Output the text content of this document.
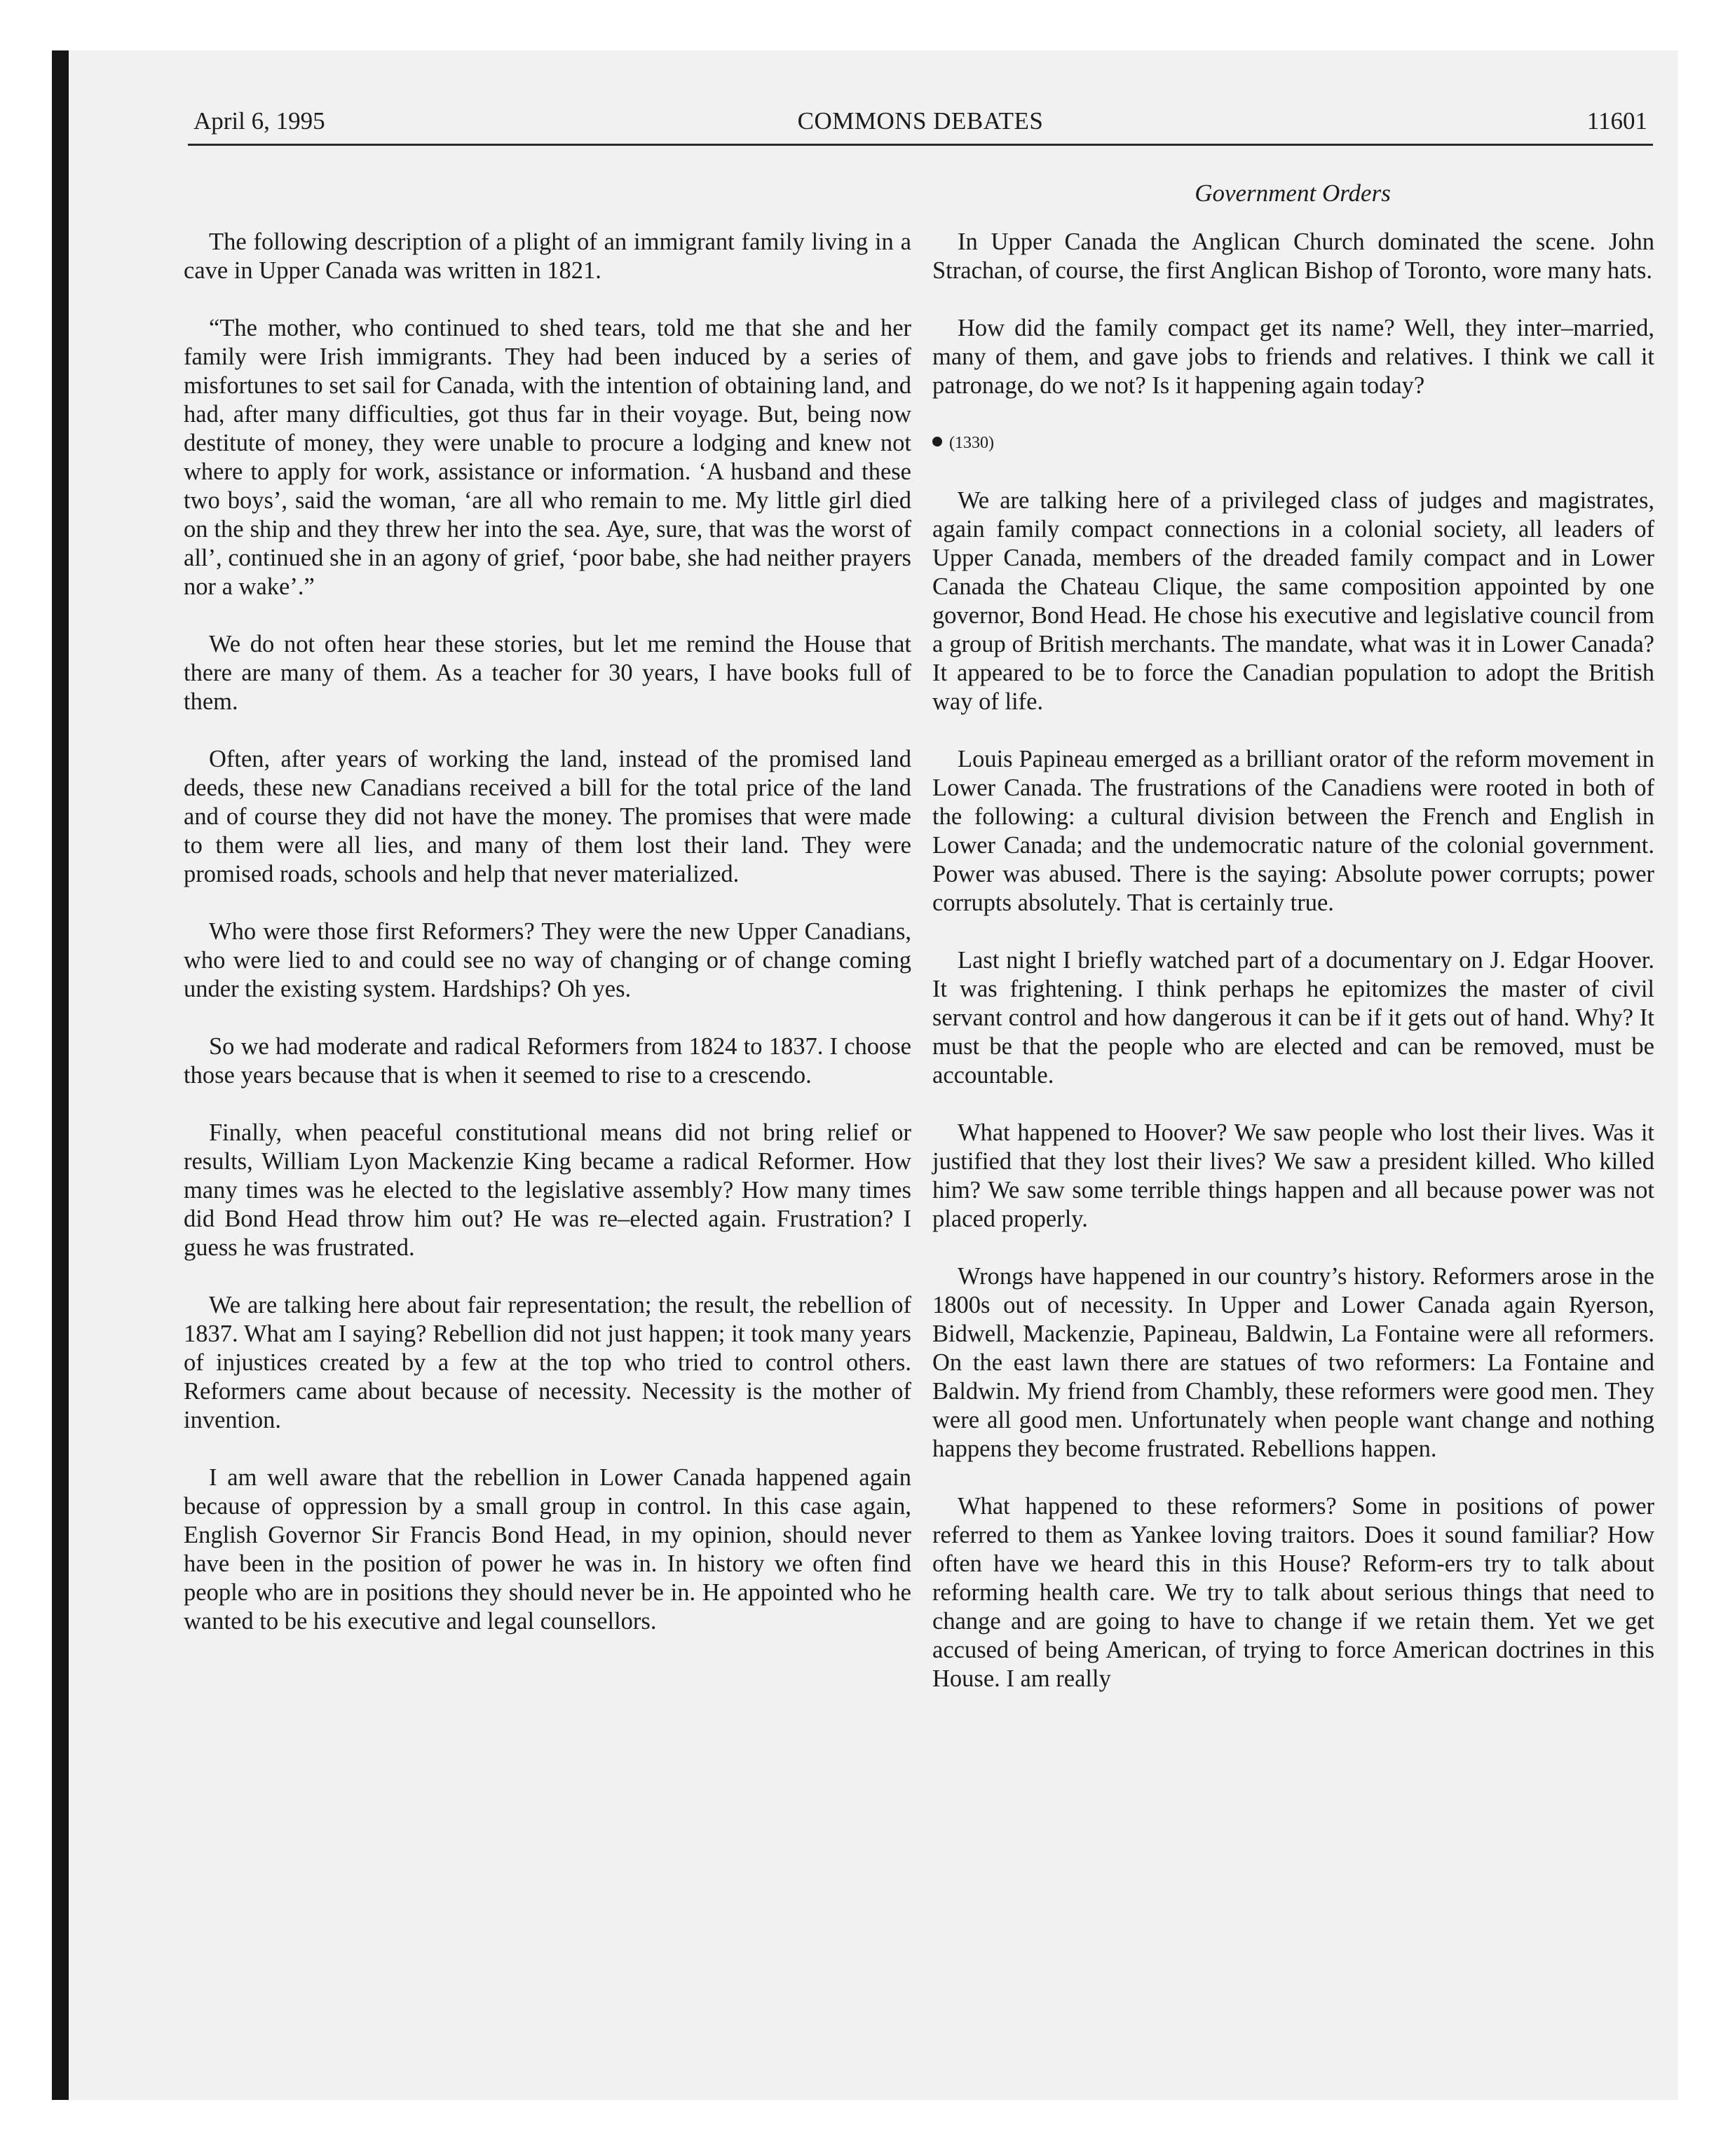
April 6, 1995	COMMONS DEBATES	11601
Government Orders

The following description of a plight of an immigrant family living in a cave in Upper Canada was written in 1821.

“The mother, who continued to shed tears, told me that she and her family were Irish immigrants. They had been induced by a series of misfortunes to set sail for Canada, with the intention of obtaining land, and had, after many difficulties, got thus far in their voyage. But, being now destitute of money, they were unable to procure a lodging and knew not where to apply for work, assistance or information. ‘A husband and these two boys’, said the woman, ‘are all who remain to me. My little girl died on the ship and they threw her into the sea. Aye, sure, that was the worst of all’, continued she in an agony of grief, ‘poor babe, she had neither prayers nor a wake’.”

We do not often hear these stories, but let me remind the House that there are many of them. As a teacher for 30 years, I have books full of them.

Often, after years of working the land, instead of the promised land deeds, these new Canadians received a bill for the total price of the land and of course they did not have the money. The promises that were made to them were all lies, and many of them lost their land. They were promised roads, schools and help that never materialized.

Who were those first Reformers? They were the new Upper Canadians, who were lied to and could see no way of changing or of change coming under the existing system. Hardships? Oh yes.

So we had moderate and radical Reformers from 1824 to 1837. I choose those years because that is when it seemed to rise to a crescendo.

Finally, when peaceful constitutional means did not bring relief or results, William Lyon Mackenzie King became a radical Reformer. How many times was he elected to the legislative assembly? How many times did Bond Head throw him out? He was re–elected again. Frustration? I guess he was frustrated.

We are talking here about fair representation; the result, the rebellion of 1837. What am I saying? Rebellion did not just happen; it took many years of injustices created by a few at the top who tried to control others. Reformers came about because of necessity. Necessity is the mother of invention.

I am well aware that the rebellion in Lower Canada happened again because of oppression by a small group in control. In this case again, English Governor Sir Francis Bond Head, in my opinion, should never have been in the position of power he was in. In history we often find people who are in positions they should never be in. He appointed who he wanted to be his executive and legal counsellors.

In Upper Canada the Anglican Church dominated the scene. John Strachan, of course, the first Anglican Bishop of Toronto, wore many hats.

How did the family compact get its name? Well, they inter–married, many of them, and gave jobs to friends and relatives. I think we call it patronage, do we not? Is it happening again today?

(1330)

We are talking here of a privileged class of judges and magistrates, again family compact connections in a colonial society, all leaders of Upper Canada, members of the dreaded family compact and in Lower Canada the Chateau Clique, the same composition appointed by one governor, Bond Head. He chose his executive and legislative council from a group of British merchants. The mandate, what was it in Lower Canada? It appeared to be to force the Canadian population to adopt the British way of life.

Louis Papineau emerged as a brilliant orator of the reform movement in Lower Canada. The frustrations of the Canadiens were rooted in both of the following: a cultural division between the French and English in Lower Canada; and the undemocratic nature of the colonial government. Power was abused. There is the saying: Absolute power corrupts; power corrupts absolutely. That is certainly true.

Last night I briefly watched part of a documentary on J. Edgar Hoover. It was frightening. I think perhaps he epitomizes the master of civil servant control and how dangerous it can be if it gets out of hand. Why? It must be that the people who are elected and can be removed, must be accountable.

What happened to Hoover? We saw people who lost their lives. Was it justified that they lost their lives? We saw a president killed. Who killed him? We saw some terrible things happen and all because power was not placed properly.

Wrongs have happened in our country’s history. Reformers arose in the 1800s out of necessity. In Upper and Lower Canada again Ryerson, Bidwell, Mackenzie, Papineau, Baldwin, La Fontaine were all reformers. On the east lawn there are statues of two reformers: La Fontaine and Baldwin. My friend from Chambly, these reformers were good men. They were all good men. Unfortunately when people want change and nothing happens they become frustrated. Rebellions happen.

What happened to these reformers? Some in positions of power referred to them as Yankee loving traitors. Does it sound familiar? How often have we heard this in this House? Reform-ers try to talk about reforming health care. We try to talk about serious things that need to change and are going to have to change if we retain them. Yet we get accused of being American, of trying to force American doctrines in this House. I am really
